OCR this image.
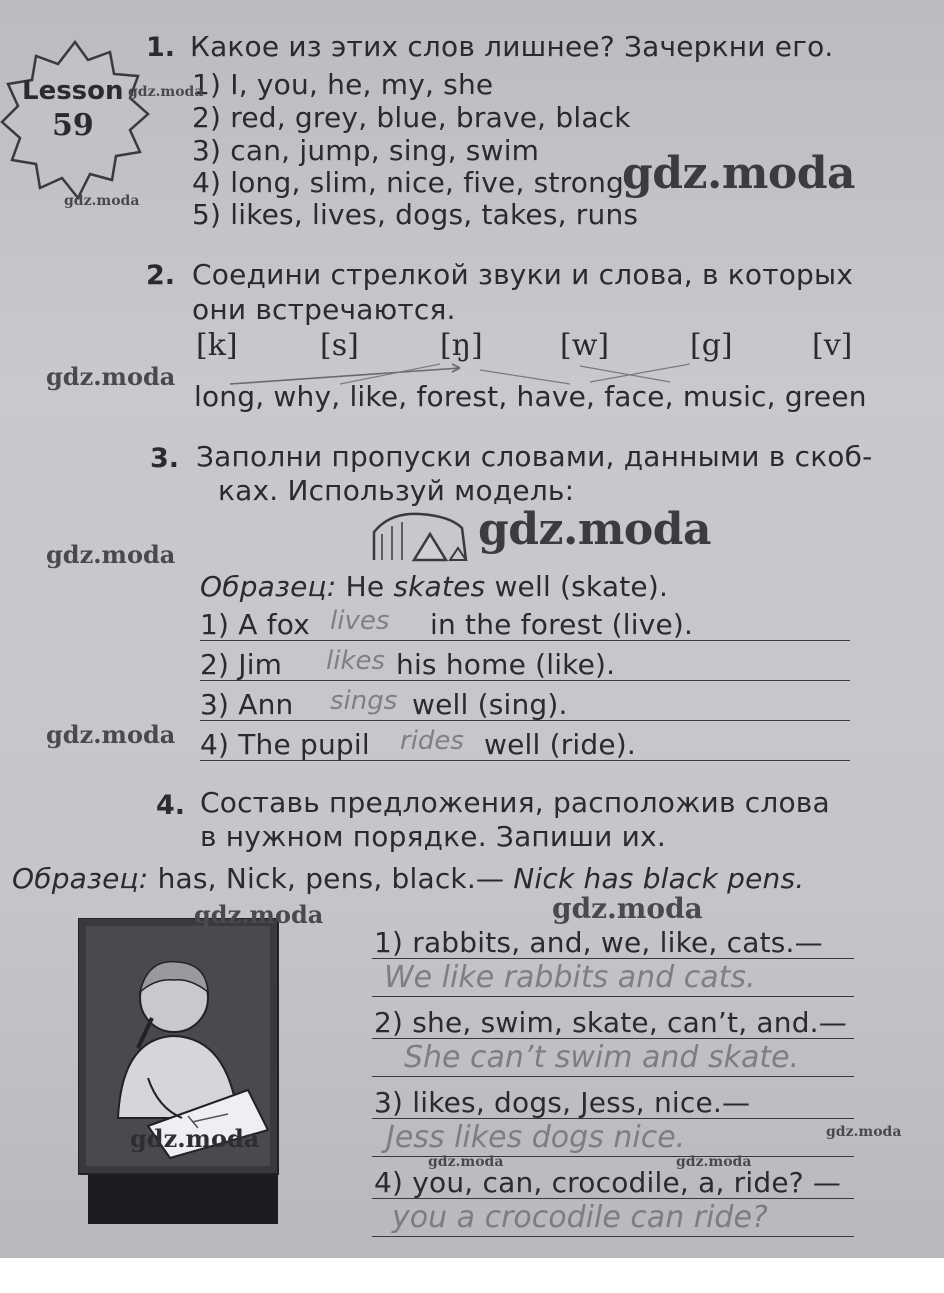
Lesson
59
1. Какое из этих слов лишнее? Зачеркни его.
1) I, you, he, my, she
2) red, grey, blue, brave, black
3) can, jump, sing, swim
4) long, slim, nice, five, strong
5) likes, lives, dogs, takes, runs
2. Соедини стрелкой звуки и слова, в которых
они встречаются.
[k]	[s]	[ŋ]	[w]	[g]	[v]
long, why, like, forest, have, face, music, green
3. Заполни пропуски словами, данными в скоб-
ках. Используй модель:
Образец: He skates well (skate).
1) A fox lives in the forest (live).
2) Jim likes his home (like).
3) Ann sings well (sing).
4) The pupil rides well (ride).
4. Составь предложения, расположив слова
в нужном порядке. Запиши их.
Образец: has, Nick, pens, black.— Nick has black pens.
1) rabbits, and, we, like, cats.—
We like rabbits and cats.
2) she, swim, skate, can’t, and.—
She can’t swim and skate.
3) likes, dogs, Jess, nice.—
Jess likes dogs nice.
4) you, can, crocodile, a, ride? —
you a crocodile can ride?
gdz.moda
gdz.moda
gdz.moda
gdz.moda
gdz.moda
gdz.moda
gdz.moda
gdz.moda	gdz.moda
gdz.moda	gdz.moda
gdz.moda	gdz.moda
